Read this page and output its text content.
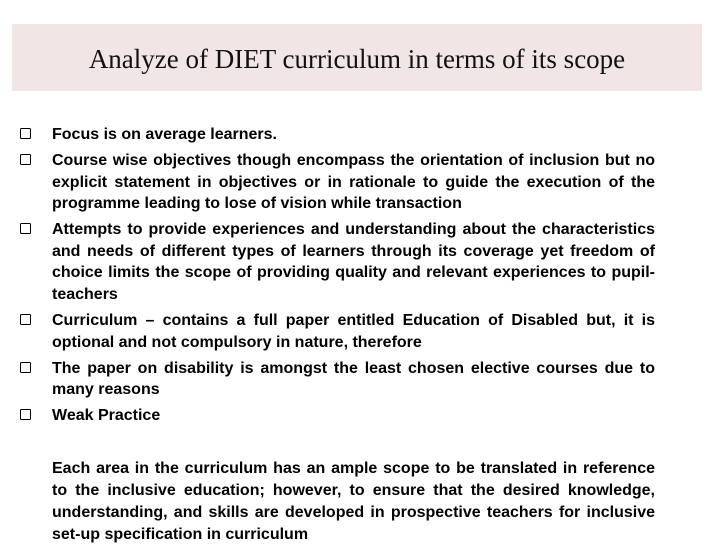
Analyze of DIET curriculum in terms of its scope
Focus is on average learners.
Course wise objectives though encompass the orientation of inclusion but no explicit statement in objectives or in rationale to guide the execution of the programme leading to lose of vision while transaction
Attempts to provide experiences and understanding about the characteristics and needs of different types of learners through its coverage yet freedom of choice limits the scope of providing quality and relevant experiences to pupil-teachers
Curriculum – contains a full paper entitled Education of Disabled but, it is optional and not compulsory in nature, therefore
The paper on disability is amongst the least chosen elective courses due to many reasons
Weak Practice

Each area in the curriculum has an ample scope to be translated in reference to the inclusive education; however, to ensure that the desired knowledge, understanding, and skills are developed in prospective teachers for inclusive set-up specification in curriculum
